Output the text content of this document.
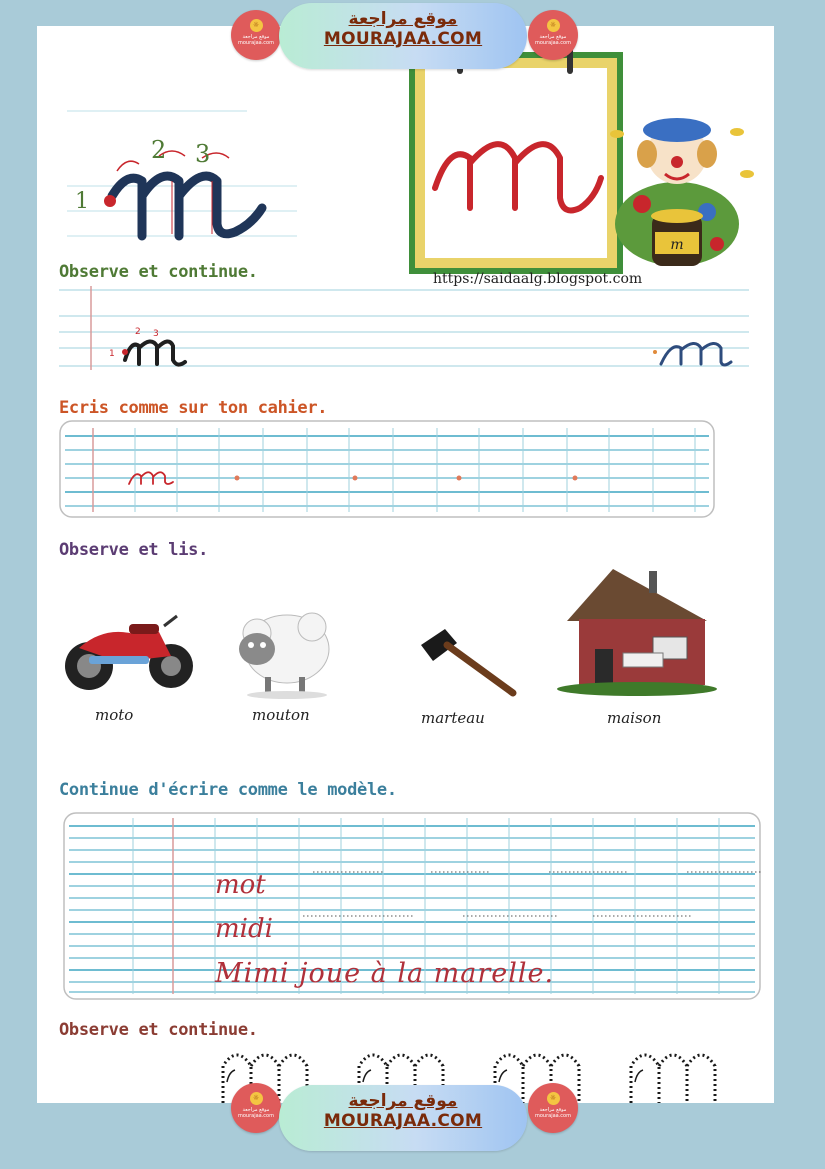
1
2 3
m
https://saidaalg.blogspot.com
Observe et continue.
1
2 3
Ecris comme sur ton cahier.
Observe et lis.
moto	mouton	marteau	maison
Continue d'écrire comme le modèle.
mot
midi
Mimi joue à la marelle.
Observe et continue.
☼
موقع مراجعة
mourajaa.com
موقع مراجعة
MOURAJAA.COM
☼
موقع مراجعة
mourajaa.com
☼
موقع مراجعة
mourajaa.com
موقع مراجعة
MOURAJAA.COM
☼
موقع مراجعة
mourajaa.com
